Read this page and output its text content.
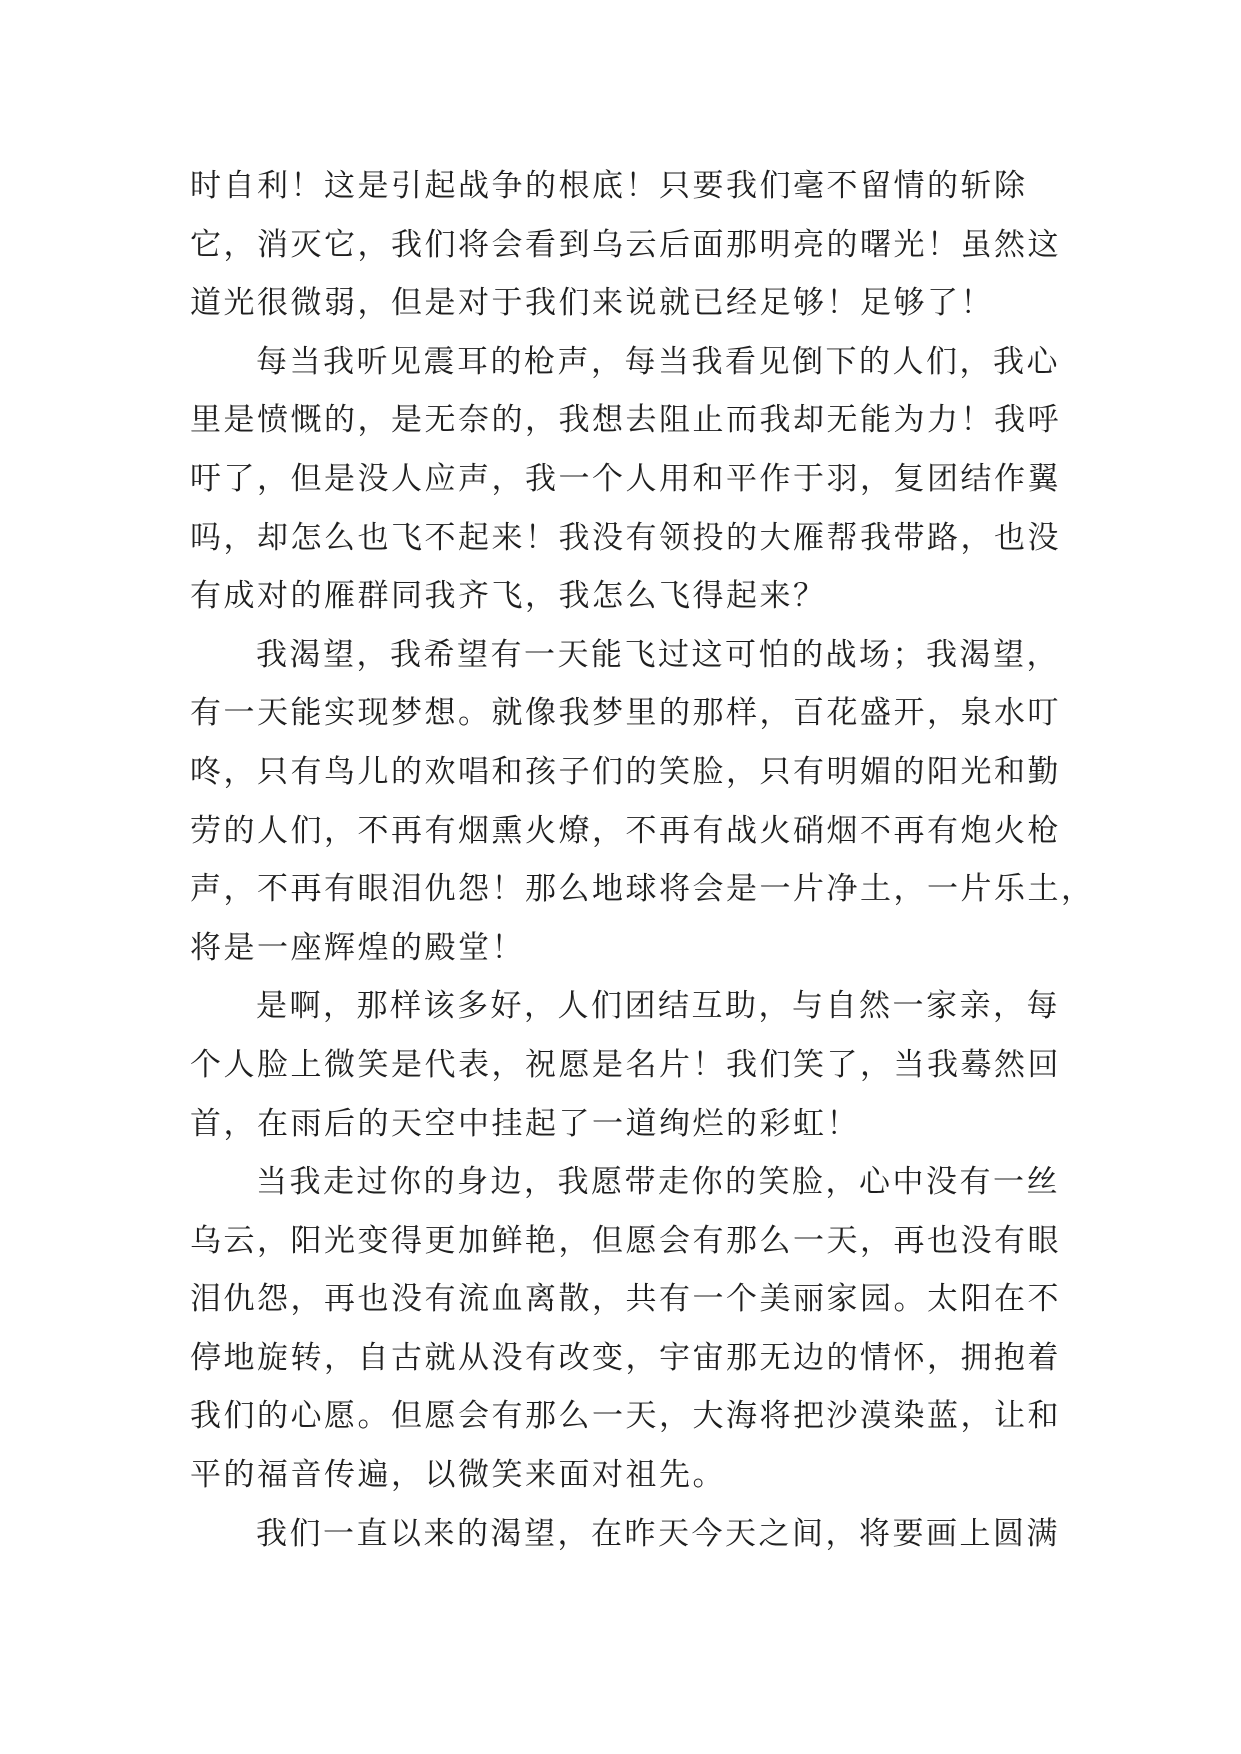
时自利！这是引起战争的根底！只要我们毫不留情的斩除
它，消灭它，我们将会看到乌云后面那明亮的曙光！虽然这
道光很微弱，但是对于我们来说就已经足够！足够了！
每当我听见震耳的枪声，每当我看见倒下的人们，我心
里是愤慨的，是无奈的，我想去阻止而我却无能为力！我呼
吁了，但是没人应声，我一个人用和平作于羽，复团结作翼
吗，却怎么也飞不起来！我没有领投的大雁帮我带路，也没
有成对的雁群同我齐飞，我怎么飞得起来？
我渴望，我希望有一天能飞过这可怕的战场；我渴望，
有一天能实现梦想。就像我梦里的那样，百花盛开，泉水叮
咚，只有鸟儿的欢唱和孩子们的笑脸，只有明媚的阳光和勤
劳的人们，不再有烟熏火燎，不再有战火硝烟不再有炮火枪
声，不再有眼泪仇怨！那么地球将会是一片净土，一片乐土，
将是一座辉煌的殿堂！
是啊，那样该多好，人们团结互助，与自然一家亲，每
个人脸上微笑是代表，祝愿是名片！我们笑了，当我蓦然回
首，在雨后的天空中挂起了一道绚烂的彩虹！
当我走过你的身边，我愿带走你的笑脸，心中没有一丝
乌云，阳光变得更加鲜艳，但愿会有那么一天，再也没有眼
泪仇怨，再也没有流血离散，共有一个美丽家园。太阳在不
停地旋转，自古就从没有改变，宇宙那无边的情怀，拥抱着
我们的心愿。但愿会有那么一天，大海将把沙漠染蓝，让和
平的福音传遍，以微笑来面对祖先。
我们一直以来的渴望，在昨天今天之间，将要画上圆满
